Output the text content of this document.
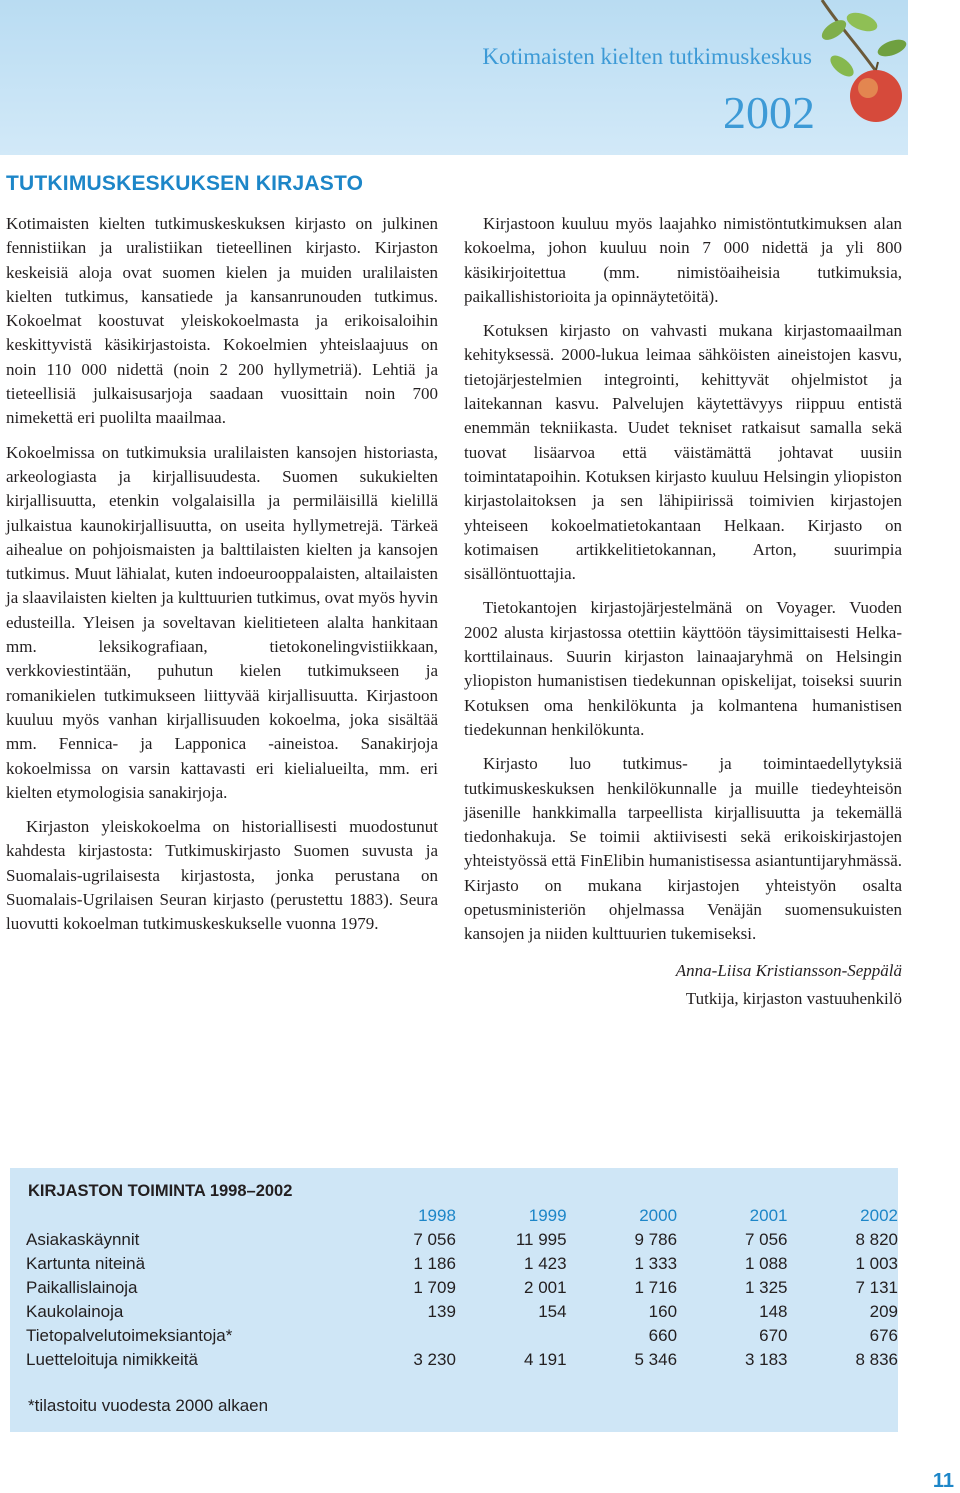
Kotimaisten kielten tutkimuskeskus
2002
TUTKIMUSKESKUKSEN KIRJASTO

Kotimaisten kielten tutkimuskeskuksen kirjasto on julkinen fennistiikan ja uralistiikan tieteellinen kirjasto. Kirjaston keskeisiä aloja ovat suomen kielen ja muiden uralilaisten kielten tutkimus, kansatiede ja kansanrunouden tutkimus. Kokoelmat koostuvat yleiskokoelmasta ja erikoisaloihin keskittyvistä käsikirjastoista. Kokoelmien yhteislaajuus on noin 110 000 nidettä (noin 2 200 hyllymetriä). Lehtiä ja tieteellisiä julkaisusarjoja saadaan vuosittain noin 700 nimekettä eri puolilta maailmaa.

Kokoelmissa on tutkimuksia uralilaisten kansojen historiasta, arkeologiasta ja kirjallisuudesta. Suomen sukukielten kirjallisuutta, etenkin volgalaisilla ja permiläisillä kielillä julkaistua kaunokirjallisuutta, on useita hyllymetrejä. Tärkeä aihealue on pohjoismaisten ja balttilaisten kielten ja kansojen tutkimus. Muut lähialat, kuten indoeurooppalaisten, altailaisten ja slaavilaisten kielten ja kulttuurien tutkimus, ovat myös hyvin edusteilla. Yleisen ja soveltavan kielitieteen alalta hankitaan mm. leksikografiaan, tietokonelingvistiikkaan, verkkoviestintään, puhutun kielen tutkimukseen ja romanikielen tutkimukseen liittyvää kirjallisuutta. Kirjastoon kuuluu myös vanhan kirjallisuuden kokoelma, joka sisältää mm. Fennica- ja Lapponica -aineistoa. Sanakirjoja kokoelmissa on varsin kattavasti eri kielialueilta, mm. eri kielten etymologisia sanakirjoja.

Kirjaston yleiskokoelma on historiallisesti muodostunut kahdesta kirjastosta: Tutkimuskirjasto Suomen suvusta ja Suomalais-ugrilaisesta kirjastosta, jonka perustana on Suomalais-Ugrilaisen Seuran kirjasto (perustettu 1883). Seura luovutti kokoelman tutkimuskeskukselle vuonna 1979.

Kirjastoon kuuluu myös laajahko nimistöntutkimuksen alan kokoelma, johon kuuluu noin 7 000 nidettä ja yli 800 käsikirjoitettua (mm. nimistöaiheisia tutkimuksia, paikallishistorioita ja opinnäytetöitä).

Kotuksen kirjasto on vahvasti mukana kirjastomaailman kehityksessä. 2000-lukua leimaa sähköisten aineistojen kasvu, tietojärjestelmien integrointi, kehittyvät ohjelmistot ja laitekannan kasvu. Palvelujen käytettävyys riippuu entistä enemmän tekniikasta. Uudet tekniset ratkaisut samalla sekä tuovat lisäarvoa että väistämättä johtavat uusiin toimintatapoihin. Kotuksen kirjasto kuuluu Helsingin yliopiston kirjastolaitoksen ja sen lähipiirissä toimivien kirjastojen yhteiseen kokoelmatietokantaan Helkaan. Kirjasto on kotimaisen artikkelitietokannan, Arton, suurimpia sisällöntuottajia.

Tietokantojen kirjastojärjestelmänä on Voyager. Vuoden 2002 alusta kirjastossa otettiin käyttöön täysimittaisesti Helka-korttilainaus. Suurin kirjaston lainaajaryhmä on Helsingin yliopiston humanistisen tiedekunnan opiskelijat, toiseksi suurin Kotuksen oma henkilökunta ja kolmantena humanistisen tiedekunnan henkilökunta.

Kirjasto luo tutkimus- ja toimintaedellytyksiä tutkimuskeskuksen henkilökunnalle ja muille tiedeyhteisön jäsenille hankkimalla tarpeellista kirjallisuutta ja tekemällä tiedonhakuja. Se toimii aktiivisesti sekä erikoiskirjastojen yhteistyössä että FinElibin humanistisessa asiantuntijaryhmässä. Kirjasto on mukana kirjastojen yhteistyön osalta opetusministeriön ohjelmassa Venäjän suomensukuisten kansojen ja niiden kulttuurien tukemiseksi.

Anna-Liisa Kristiansson-Seppälä

Tutkija, kirjaston vastuuhenkilö

KIRJASTON TOIMINTA 1998–2002
	1998	1999	2000	2001	2002
Asiakaskäynnit	7 056	11 995	9 786	7 056	8 820
Kartunta niteinä	1 186	1 423	1 333	1 088	1 003
Paikallislainoja	1 709	2 001	1 716	1 325	7 131
Kaukolainoja	139	154	160	148	209
Tietopalvelutoimeksiantoja*			660	670	676
Luetteloituja nimikkeitä	3 230	4 191	5 346	3 183	8 836
*tilastoitu vuodesta 2000 alkaen
11
